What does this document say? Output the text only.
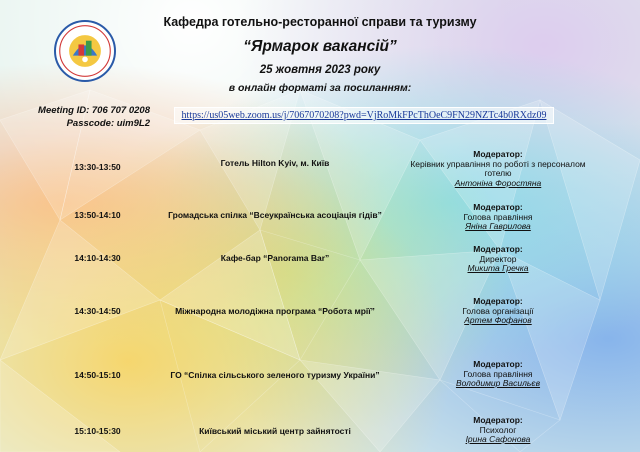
Кафедра готельно-ресторанної справи та туризму
“Ярмарок вакансій”
25 жовтня 2023 року
в онлайн форматі за посиланням:
Meeting ID: 706 707 0208
Passcode: uim9L2
https://us05web.zoom.us/j/7067070208?pwd=VjRoMkFPcThOeC9FN29NZTc4b0RXdz09
13:30-13:50	Готель Hilton Kyiv, м. Київ
Модератор:
Керівник управління по роботі з персоналом готелю
Антоніна Форостяна
13:50-14:10	Громадська спілка “Всеукраїнська асоціація гідів”
Модератор:
Голова правління
Яніна Гаврилова
14:10-14:30	Кафе-бар “Panorama Bar”
Модератор:
Директор
Микита Гречка
14:30-14:50	Міжнародна молодіжна програма “Робота мрії”
Модератор:
Голова організації
Артем Фофанов
14:50-15:10	ГО “Спілка сільського зеленого туризму України”
Модератор:
Голова правління
Володимир Васильєв
15:10-15:30	Київський міський центр зайнятості
Модератор:
Психолог
Ірина Сафонова
